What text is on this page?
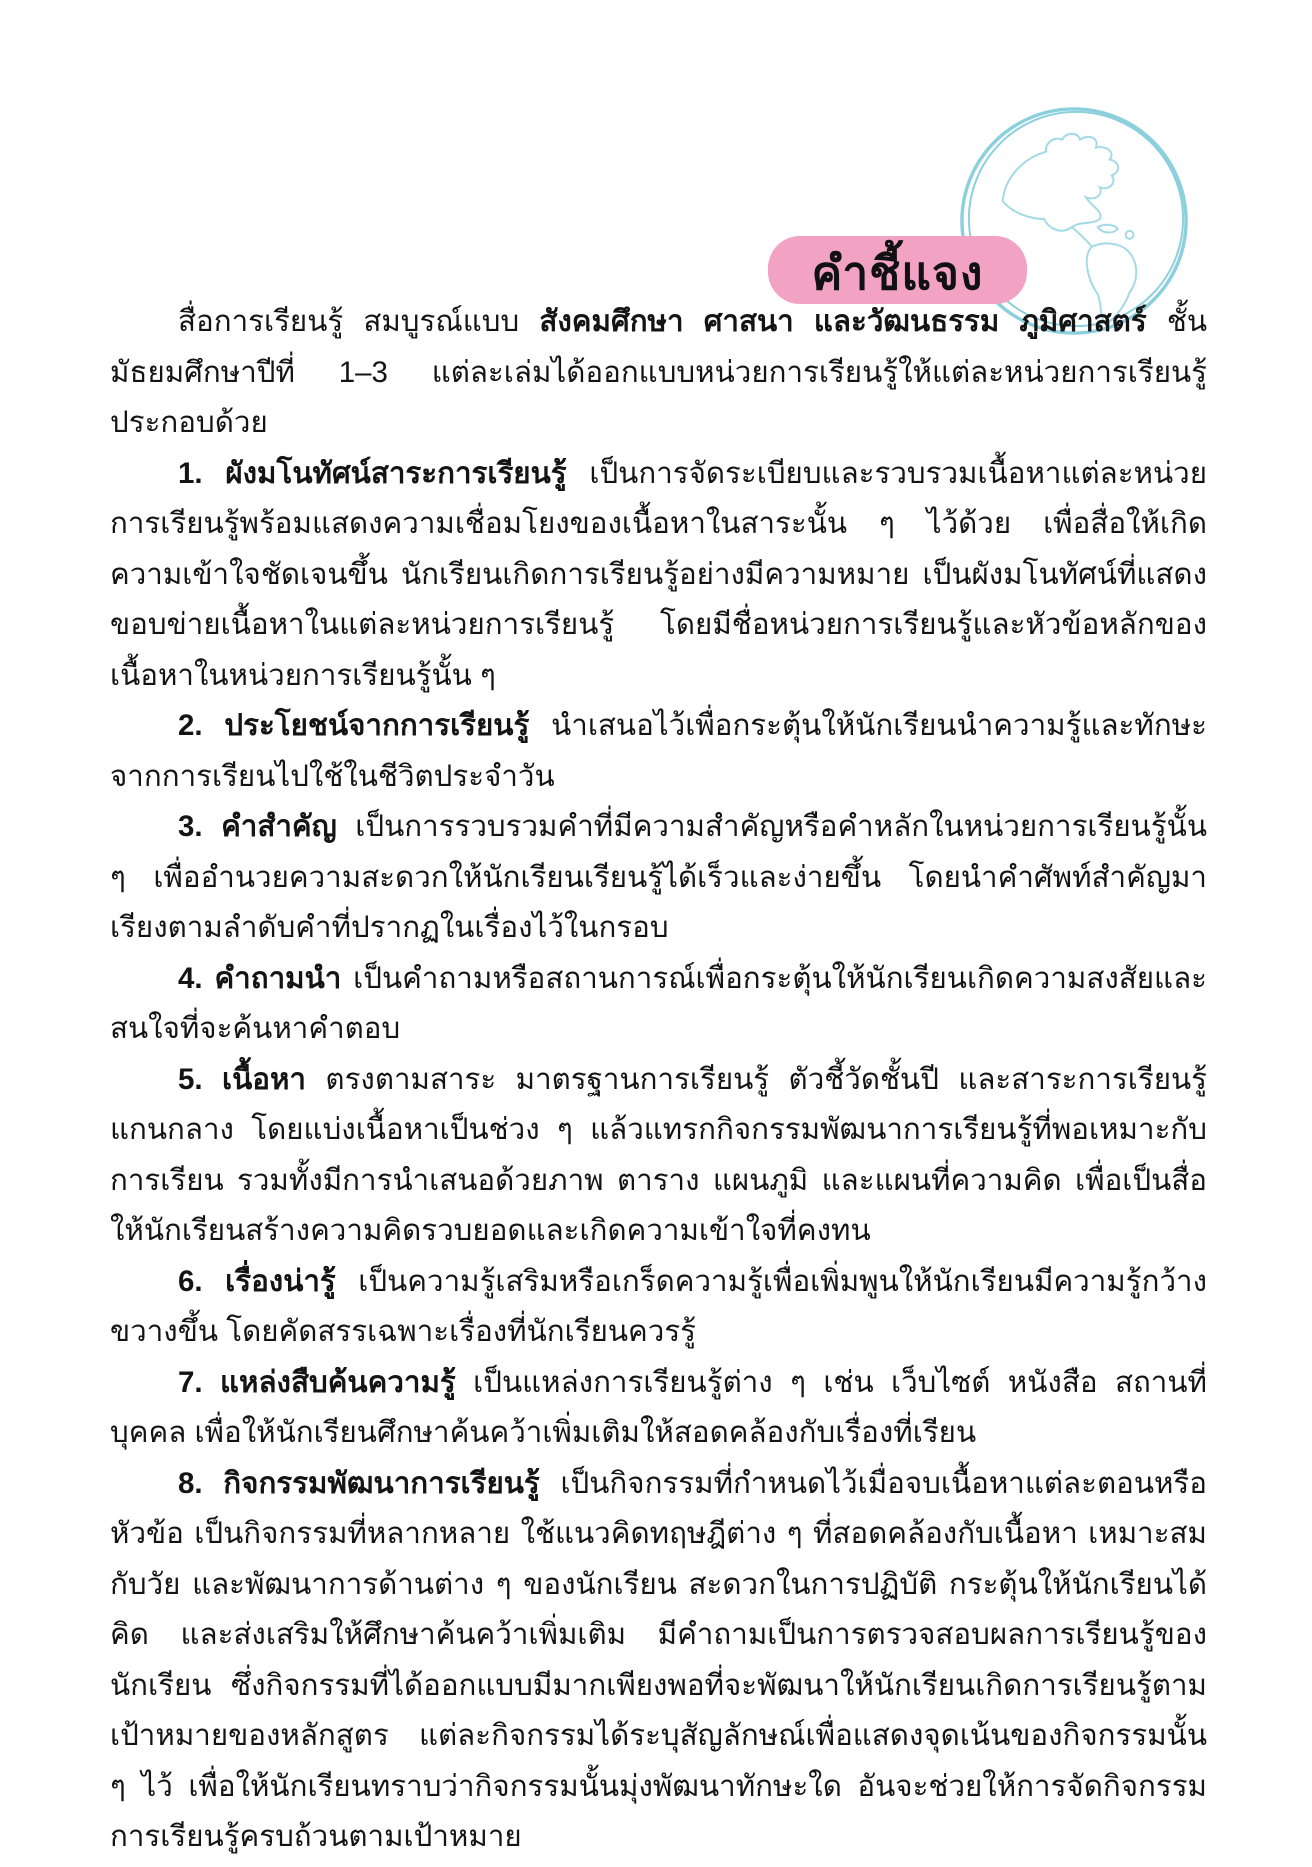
คำชี้แจง

สื่อการเรียนรู้ สมบูรณ์แบบ สังคมศึกษา ศาสนา และวัฒนธรรม ภูมิศาสตร์ ชั้นมัธยมศึกษาปีที่ 1–3 แต่ละเล่มได้ออกแบบหน่วยการเรียนรู้ให้แต่ละหน่วยการเรียนรู้ประกอบด้วย

1. ผังมโนทัศน์สาระการเรียนรู้ เป็นการจัดระเบียบและรวบรวมเนื้อหาแต่ละหน่วยการเรียนรู้พร้อมแสดงความเชื่อมโยงของเนื้อหาในสาระนั้น ๆ ไว้ด้วย เพื่อสื่อให้เกิดความเข้าใจชัดเจนขึ้น นักเรียนเกิดการเรียนรู้อย่างมีความหมาย เป็นผังมโนทัศน์ที่แสดงขอบข่ายเนื้อหาในแต่ละหน่วยการเรียนรู้ โดยมีชื่อหน่วยการเรียนรู้และหัวข้อหลักของเนื้อหาในหน่วยการเรียนรู้นั้น ๆ

2. ประโยชน์จากการเรียนรู้ นำเสนอไว้เพื่อกระตุ้นให้นักเรียนนำความรู้และทักษะจากการเรียนไปใช้ในชีวิตประจำวัน

3. คำสำคัญ เป็นการรวบรวมคำที่มีความสำคัญหรือคำหลักในหน่วยการเรียนรู้นั้น ๆ เพื่ออำนวยความสะดวกให้นักเรียนเรียนรู้ได้เร็วและง่ายขึ้น โดยนำคำศัพท์สำคัญมาเรียงตามลำดับคำที่ปรากฏในเรื่องไว้ในกรอบ

4. คำถามนำ เป็นคำถามหรือสถานการณ์เพื่อกระตุ้นให้นักเรียนเกิดความสงสัยและสนใจที่จะค้นหาคำตอบ

5. เนื้อหา ตรงตามสาระ มาตรฐานการเรียนรู้ ตัวชี้วัดชั้นปี และสาระการเรียนรู้แกนกลาง โดยแบ่งเนื้อหาเป็นช่วง ๆ แล้วแทรกกิจกรรมพัฒนาการเรียนรู้ที่พอเหมาะกับการเรียน รวมทั้งมีการนำเสนอด้วยภาพ ตาราง แผนภูมิ และแผนที่ความคิด เพื่อเป็นสื่อให้นักเรียนสร้างความคิดรวบยอดและเกิดความเข้าใจที่คงทน

6. เรื่องน่ารู้ เป็นความรู้เสริมหรือเกร็ดความรู้เพื่อเพิ่มพูนให้นักเรียนมีความรู้กว้างขวางขึ้น โดยคัดสรรเฉพาะเรื่องที่นักเรียนควรรู้

7. แหล่งสืบค้นความรู้ เป็นแหล่งการเรียนรู้ต่าง ๆ เช่น เว็บไซต์ หนังสือ สถานที่ บุคคล เพื่อให้นักเรียนศึกษาค้นคว้าเพิ่มเติมให้สอดคล้องกับเรื่องที่เรียน

8. กิจกรรมพัฒนาการเรียนรู้ เป็นกิจกรรมที่กำหนดไว้เมื่อจบเนื้อหาแต่ละตอนหรือหัวข้อ เป็นกิจกรรมที่หลากหลาย ใช้แนวคิดทฤษฎีต่าง ๆ ที่สอดคล้องกับเนื้อหา เหมาะสมกับวัย และพัฒนาการด้านต่าง ๆ ของนักเรียน สะดวกในการปฏิบัติ กระตุ้นให้นักเรียนได้คิด และส่งเสริมให้ศึกษาค้นคว้าเพิ่มเติม มีคำถามเป็นการตรวจสอบผลการเรียนรู้ของนักเรียน ซึ่งกิจกรรมที่ได้ออกแบบมีมากเพียงพอที่จะพัฒนาให้นักเรียนเกิดการเรียนรู้ตามเป้าหมายของหลักสูตร แต่ละกิจกรรมได้ระบุสัญลักษณ์เพื่อแสดงจุดเน้นของกิจกรรมนั้น ๆ ไว้ เพื่อให้นักเรียนทราบว่ากิจกรรมนั้นมุ่งพัฒนาทักษะใด อันจะช่วยให้การจัดกิจกรรมการเรียนรู้ครบถ้วนตามเป้าหมาย
